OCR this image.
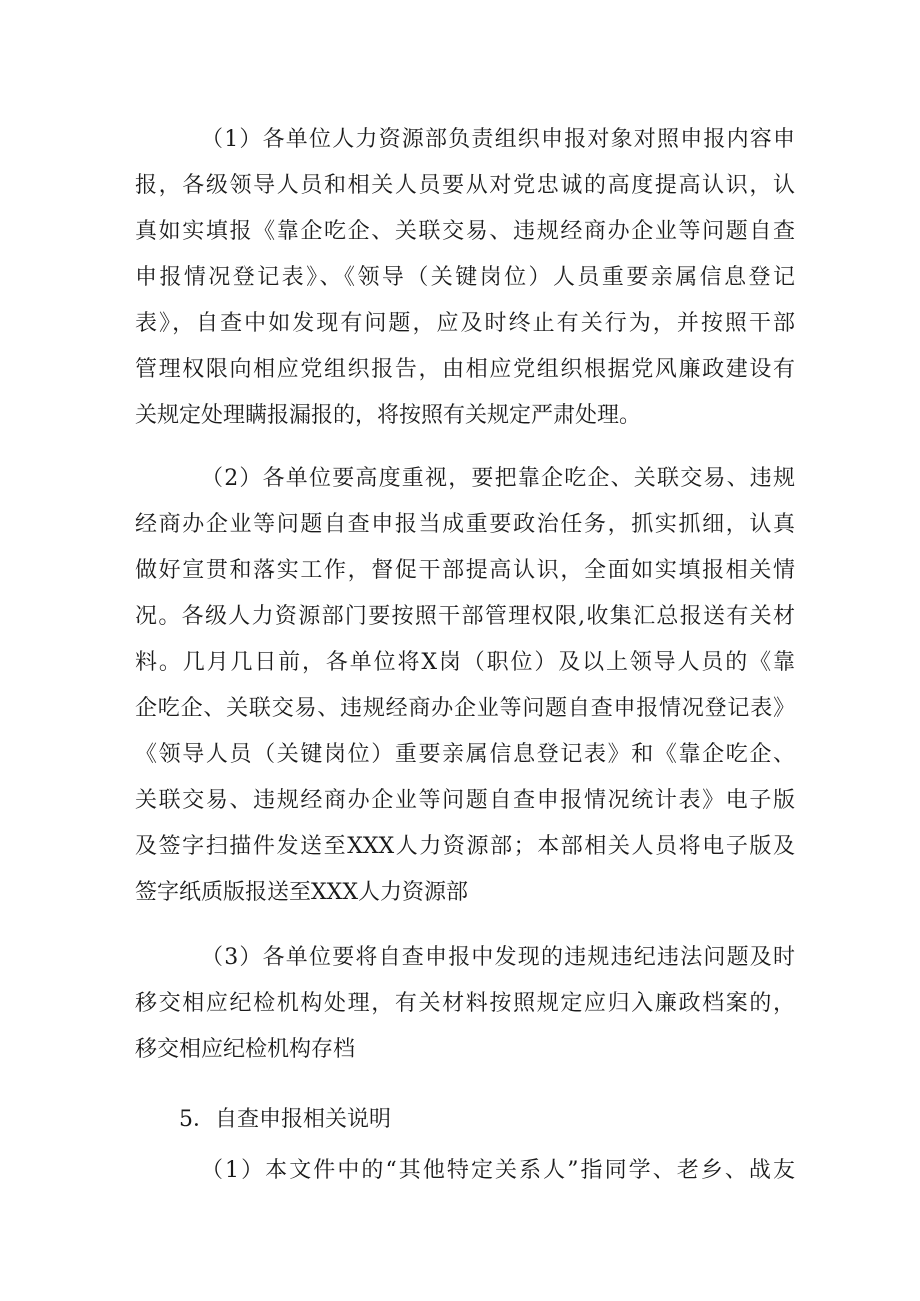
（1）各单位人力资源部负责组织申报对象对照申报内容申
报，各级领导人员和相关人员要从对党忠诚的高度提高认识，认
真如实填报《靠企吃企、关联交易、违规经商办企业等问题自查
申报情况登记表》、《领导（关键岗位）人员重要亲属信息登记
表》，自查中如发现有问题，应及时终止有关行为，并按照干部
管理权限向相应党组织报告，由相应党组织根据党风廉政建设有
关规定处理瞒报漏报的，将按照有关规定严肃处理。
（2）各单位要高度重视，要把靠企吃企、关联交易、违规
经商办企业等问题自查申报当成重要政治任务，抓实抓细，认真
做好宣贯和落实工作，督促干部提高认识，全面如实填报相关情
况。各级人力资源部门要按照干部管理权限,收集汇总报送有关材
料。几月几日前，各单位将X岗（职位）及以上领导人员的《靠
企吃企、关联交易、违规经商办企业等问题自查申报情况登记表》
《领导人员（关键岗位）重要亲属信息登记表》和《靠企吃企、
关联交易、违规经商办企业等问题自查申报情况统计表》电子版
及签字扫描件发送至XXX人力资源部；本部相关人员将电子版及
签字纸质版报送至XXX人力资源部
（3）各单位要将自查申报中发现的违规违纪违法问题及时
移交相应纪检机构处理，有关材料按照规定应归入廉政档案的，
移交相应纪检机构存档
5．自查申报相关说明
（1）本文件中的“其他特定关系人”指同学、老乡、战友
